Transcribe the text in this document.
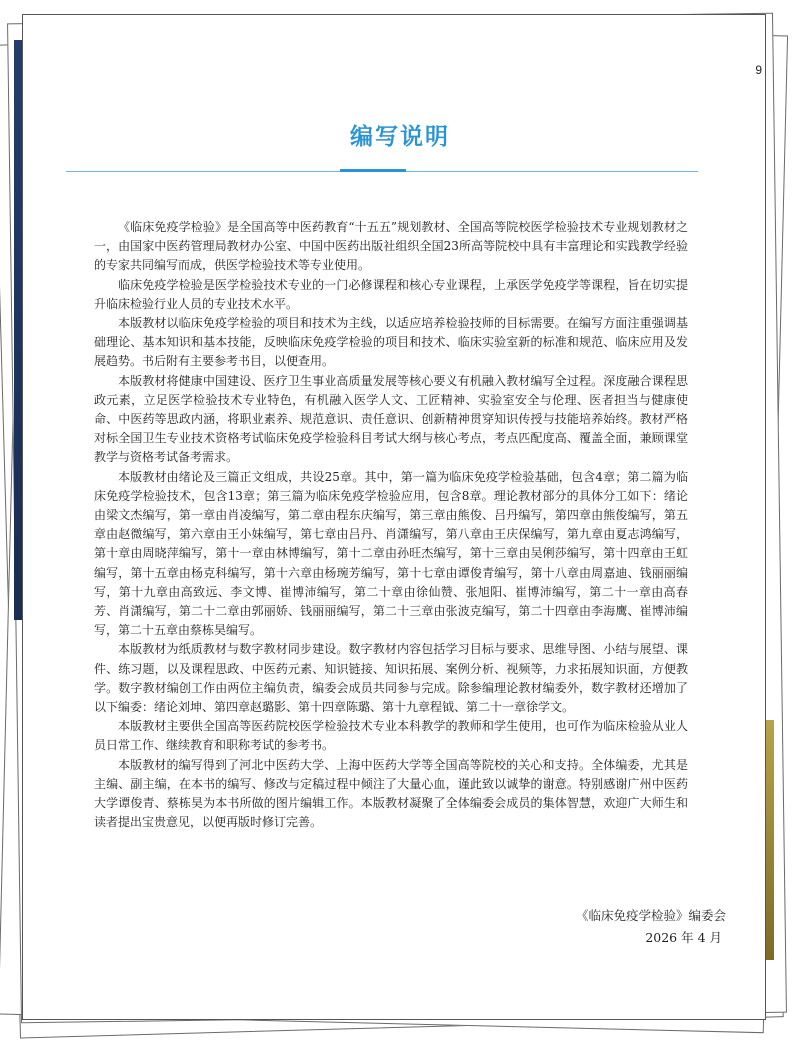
9
编写说明

《临床免疫学检验》是全国高等中医药教育“十五五”规划教材、全国高等院校医学检验技术专业规划教材之一，由国家中医药管理局教材办公室、中国中医药出版社组织全国23所高等院校中具有丰富理论和实践教学经验的专家共同编写而成，供医学检验技术等专业使用。

临床免疫学检验是医学检验技术专业的一门必修课程和核心专业课程，上承医学免疫学等课程，旨在切实提升临床检验行业人员的专业技术水平。

本版教材以临床免疫学检验的项目和技术为主线，以适应培养检验技师的目标需要。在编写方面注重强调基础理论、基本知识和基本技能，反映临床免疫学检验的项目和技术、临床实验室新的标准和规范、临床应用及发展趋势。书后附有主要参考书目，以便查用。

本版教材将健康中国建设、医疗卫生事业高质量发展等核心要义有机融入教材编写全过程。深度融合课程思政元素，立足医学检验技术专业特色，有机融入医学人文、工匠精神、实验室安全与伦理、医者担当与健康使命、中医药等思政内涵，将职业素养、规范意识、责任意识、创新精神贯穿知识传授与技能培养始终。教材严格对标全国卫生专业技术资格考试临床免疫学检验科目考试大纲与核心考点，考点匹配度高、覆盖全面，兼顾课堂教学与资格考试备考需求。

本版教材由绪论及三篇正文组成，共设25章。其中，第一篇为临床免疫学检验基础，包含4章；第二篇为临床免疫学检验技术，包含13章；第三篇为临床免疫学检验应用，包含8章。理论教材部分的具体分工如下：绪论由梁文杰编写，第一章由肖凌编写，第二章由程东庆编写，第三章由熊俊、吕丹编写，第四章由熊俊编写，第五章由赵微编写，第六章由王小妹编写，第七章由吕丹、肖潇编写，第八章由王庆保编写，第九章由夏志鸿编写，第十章由周晓萍编写，第十一章由林博编写，第十二章由孙旺杰编写，第十三章由吴俐莎编写，第十四章由王虹编写，第十五章由杨克科编写，第十六章由杨琬芳编写，第十七章由谭俊青编写，第十八章由周嘉迪、钱丽丽编写，第十九章由高致远、李文博、崔博沛编写，第二十章由徐仙赞、张旭阳、崔博沛编写，第二十一章由高春芳、肖潇编写，第二十二章由郭丽娇、钱丽丽编写，第二十三章由张波克编写，第二十四章由李海鹰、崔博沛编写，第二十五章由蔡栋昊编写。

本版教材为纸质教材与数字教材同步建设。数字教材内容包括学习目标与要求、思维导图、小结与展望、课件、练习题，以及课程思政、中医药元素、知识链接、知识拓展、案例分析、视频等，力求拓展知识面，方便教学。数字教材编创工作由两位主编负责，编委会成员共同参与完成。除参编理论教材编委外，数字教材还增加了以下编委：绪论刘坤、第四章赵璐影、第十四章陈璐、第十九章程钺、第二十一章徐学文。

本版教材主要供全国高等医药院校医学检验技术专业本科教学的教师和学生使用，也可作为临床检验从业人员日常工作、继续教育和职称考试的参考书。

本版教材的编写得到了河北中医药大学、上海中医药大学等全国高等院校的关心和支持。全体编委，尤其是主编、副主编，在本书的编写、修改与定稿过程中倾注了大量心血，谨此致以诚挚的谢意。特别感谢广州中医药大学谭俊青、蔡栋昊为本书所做的图片编辑工作。本版教材凝聚了全体编委会成员的集体智慧，欢迎广大师生和读者提出宝贵意见，以便再版时修订完善。

《临床免疫学检验》编委会
2026 年 4 月
